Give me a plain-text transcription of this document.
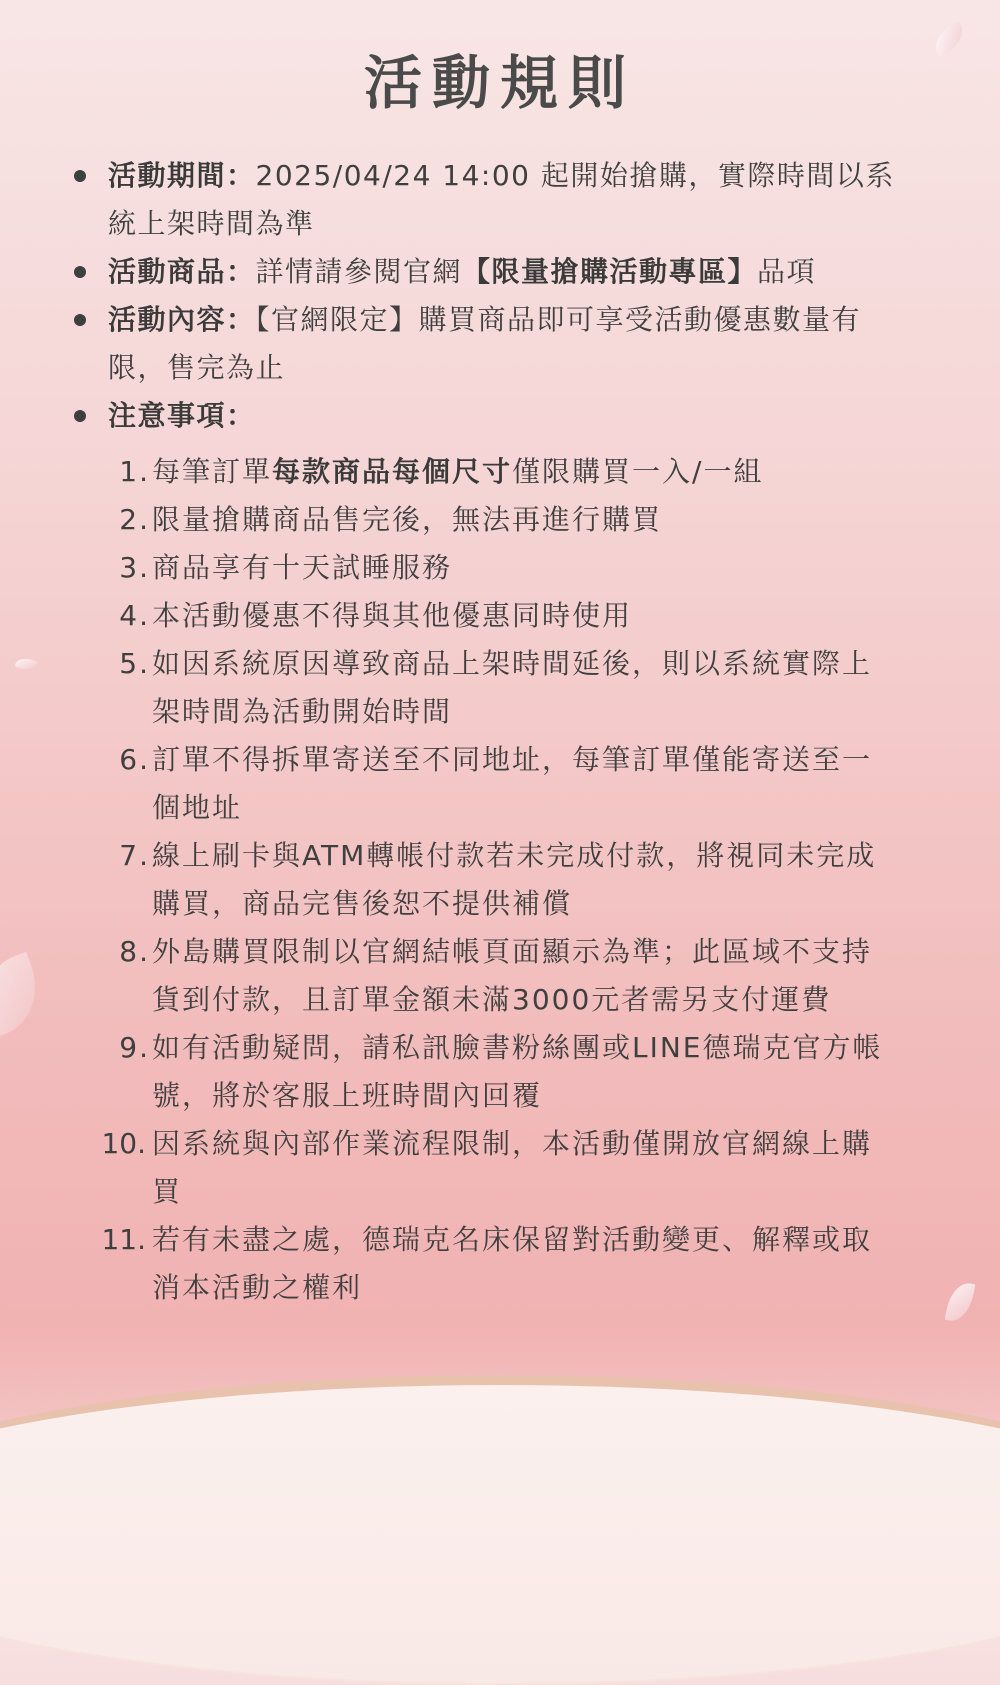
活動規則
活動期間：2025/04/24 14:00 起開始搶購，實際時間以系統上架時間為準
活動商品：詳情請參閱官網【限量搶購活動專區】品項
活動內容：【官網限定】購買商品即可享受活動優惠數量有限，售完為止
注意事項：
1. 每筆訂單每款商品每個尺寸僅限購買一入/一組
2. 限量搶購商品售完後，無法再進行購買
3. 商品享有十天試睡服務
4. 本活動優惠不得與其他優惠同時使用
5. 如因系統原因導致商品上架時間延後，則以系統實際上架時間為活動開始時間
6. 訂單不得拆單寄送至不同地址，每筆訂單僅能寄送至一個地址
7. 線上刷卡與ATM轉帳付款若未完成付款，將視同未完成購買，商品完售後恕不提供補償
8. 外島購買限制以官網結帳頁面顯示為準；此區域不支持貨到付款，且訂單金額未滿3000元者需另支付運費
9. 如有活動疑問，請私訊臉書粉絲團或LINE德瑞克官方帳號，將於客服上班時間內回覆
10. 因系統與內部作業流程限制，本活動僅開放官網線上購買
11. 若有未盡之處，德瑞克名床保留對活動變更、解釋或取消本活動之權利
